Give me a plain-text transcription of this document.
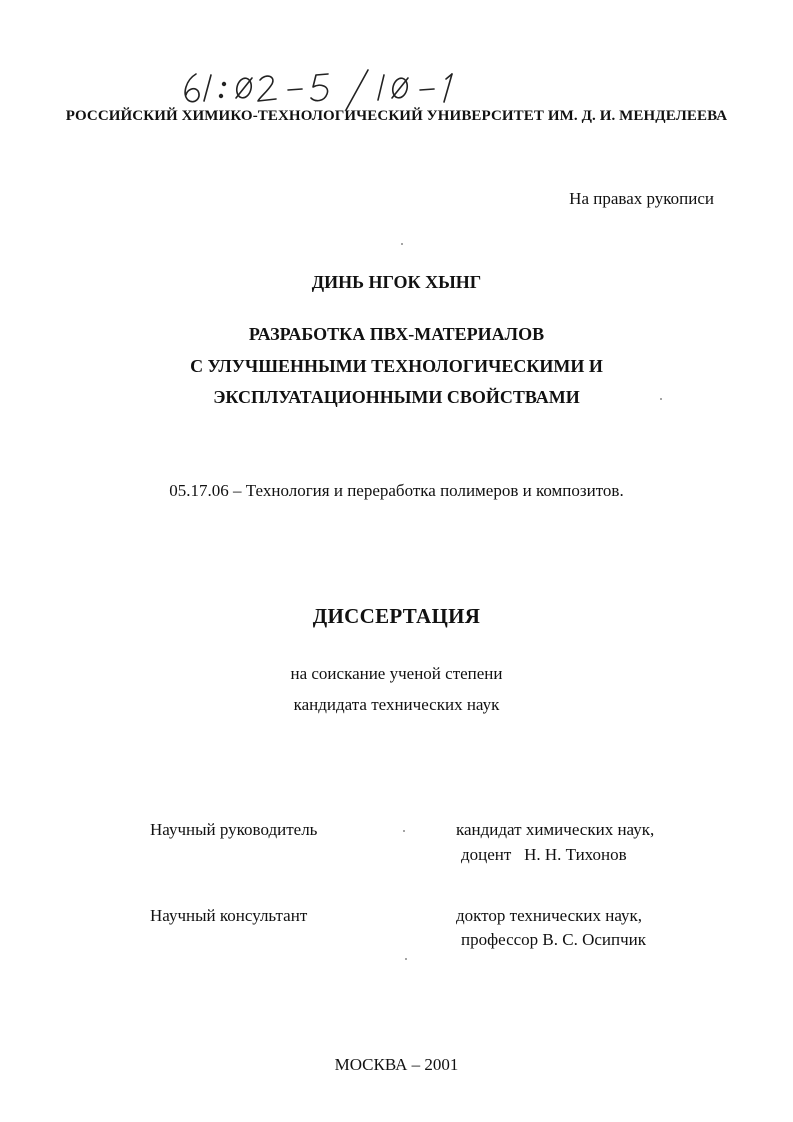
РОССИЙСКИЙ ХИМИКО-ТЕХНОЛОГИЧЕСКИЙ УНИВЕРСИТЕТ ИМ. Д. И. МЕНДЕЛЕЕВА
На правах рукописи
ДИНЬ НГОК ХЫНГ
РАЗРАБОТКА ПВХ-МАТЕРИАЛОВ
С УЛУЧШЕННЫМИ ТЕХНОЛОГИЧЕСКИМИ И
ЭКСПЛУАТАЦИОННЫМИ СВОЙСТВАМИ
05.17.06 – Технология и переработка полимеров и композитов.
ДИССЕРТАЦИЯ
на соискание ученой степени
кандидата технических наук
Научный руководитель	кандидат химических наук,
доцент   Н. Н. Тихонов
Научный консультант	доктор технических наук,
профессор В. С. Осипчик
МОСКВА – 2001
